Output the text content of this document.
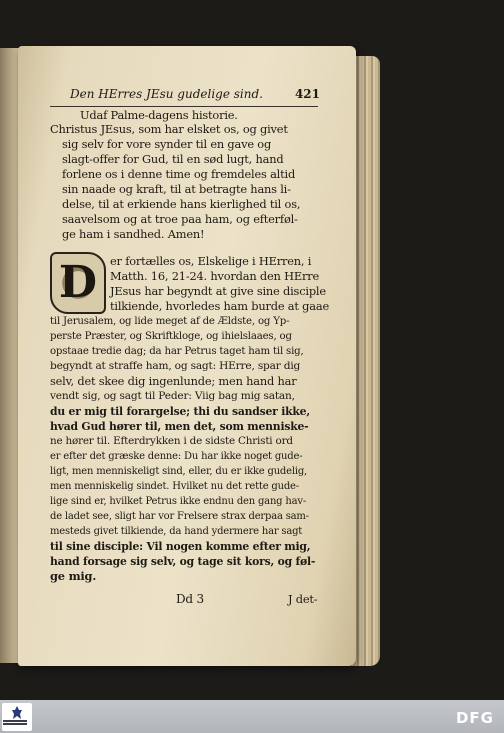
Den HErres JEsu gudelige sind.	421
Udaf Palme-dagens historie.
Christus JEsus, som har elsket os, og givet
sig selv for vore synder til en gave og
slagt-offer for Gud, til en sød lugt, hand
forlene os i denne time og fremdeles altid
sin naade og kraft, til at betragte hans li-
delse, til at erkiende hans kierlighed til os,
saavelsom og at troe paa ham, og efterføl-
ge ham i sandhed. Amen!
D	er fortælles os, Elskelige i HErren, i
Matth. 16, 21-24. hvordan den HErre
JEsus har begyndt at give sine disciple
tilkiende, hvorledes ham burde at gaae
til Jerusalem, og lide meget af de Ældste, og Yp-
perste Præster, og Skriftkloge, og ihielslaaes, og
opstaae tredie dag; da har Petrus taget ham til sig,
begyndt at straffe ham, og sagt: HErre, spar dig
selv, det skee dig ingenlunde; men hand har
vendt sig, og sagt til Peder: Viig bag mig satan,
du er mig til forargelse; thi du sandser ikke,
hvad Gud hører til, men det, som menniske-
ne hører til. Efterdrykken i de sidste Christi ord
er efter det græske denne: Du har ikke noget gude-
ligt, men menniskeligt sind, eller, du er ikke gudelig,
men menniskelig sindet. Hvilket nu det rette gude-
lige sind er, hvilket Petrus ikke endnu den gang hav-
de ladet see, sligt har vor Frelsere strax derpaa sam-
mesteds givet tilkiende, da hand ydermere har sagt
til sine disciple: Vil nogen komme efter mig,
hand forsage sig selv, og tage sit kors, og føl-
ge mig.
Dd 3	J det-
DFG
